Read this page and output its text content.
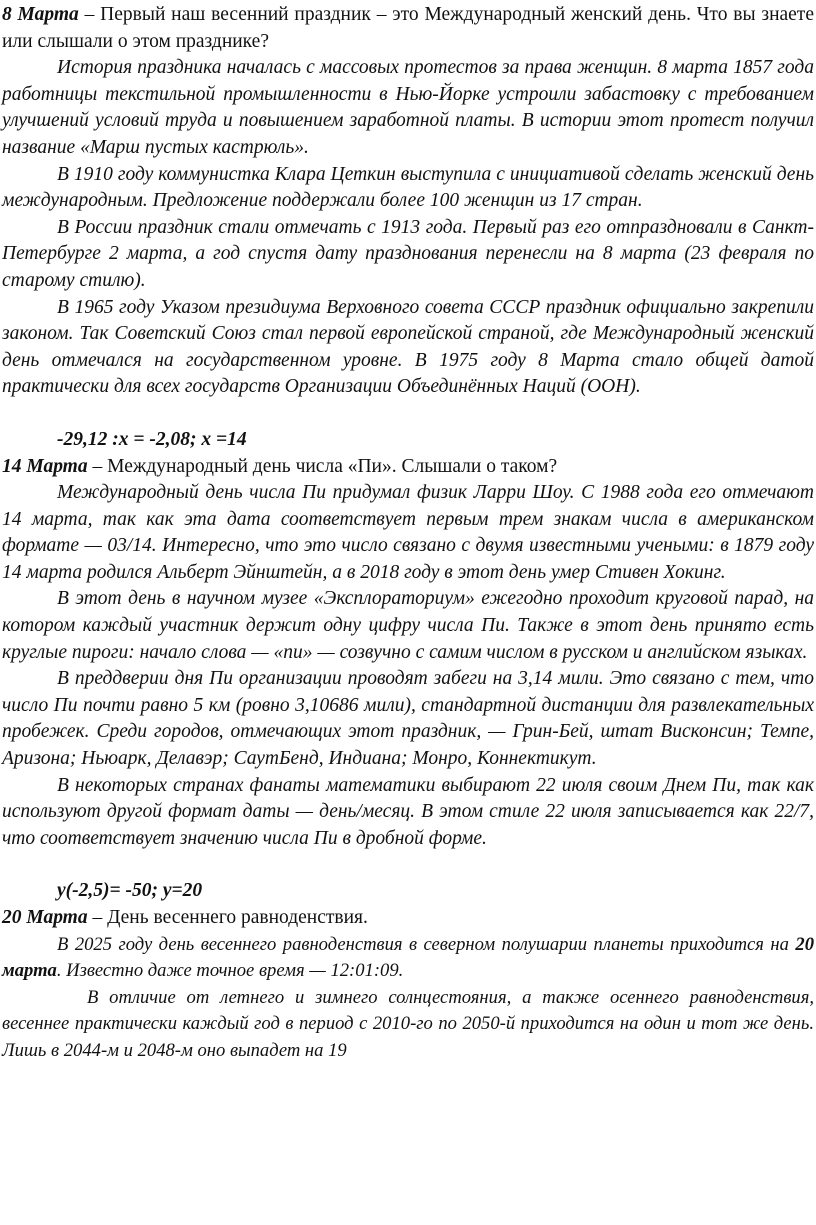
8 Марта – Первый наш весенний праздник – это Международный женский день. Что вы знаете или слышали о этом празднике?

История праздника началась с массовых протестов за права женщин. 8 марта 1857 года работницы текстильной промышленности в Нью-Йорке устроили забастовку с требованием улучшений условий труда и повышением заработной платы. В истории этот протест получил название «Марш пустых кастрюль».

В 1910 году коммунистка Клара Цеткин выступила с инициативой сделать женский день международным. Предложение поддержали более 100 женщин из 17 стран.

В России праздник стали отмечать с 1913 года. Первый раз его отпраздновали в Санкт-Петербурге 2 марта, а год спустя дату празднования перенесли на 8 марта (23 февраля по старому стилю).

В 1965 году Указом президиума Верховного совета СССР праздник официально закрепили законом. Так Советский Союз стал первой европейской страной, где Международный женский день отмечался на государственном уровне. В 1975 году 8 Марта стало общей датой практически для всех государств Организации Объединённых Наций (ООН).

-29,12 :x = -2,08; x =14

14 Марта – Международный день числа «Пи». Слышали о таком?

Международный день числа Пи придумал физик Ларри Шоу. С 1988 года его отмечают 14 марта, так как эта дата соответствует первым трем знакам числа в американском формате — 03/14. Интересно, что это число связано с двумя известными учеными: в 1879 году 14 марта родился Альберт Эйнштейн, а в 2018 году в этот день умер Стивен Хокинг.

В этот день в научном музее «Эксплораториум» ежегодно проходит круговой парад, на котором каждый участник держит одну цифру числа Пи. Также в этот день принято есть круглые пироги: начало слова — «пи» — созвучно с самим числом в русском и английском языках.

В преддверии дня Пи организации проводят забеги на 3,14 мили. Это связано с тем, что число Пи почти равно 5 км (ровно 3,10686 мили), стандартной дистанции для развлекательных пробежек. Среди городов, отмечающих этот праздник, — Грин-Бей, штат Висконсин; Темпе, Аризона; Ньюарк, Делавэр; СаутБенд, Индиана; Монро, Коннектикут.

В некоторых странах фанаты математики выбирают 22 июля своим Днем Пи, так как используют другой формат даты — день/месяц. В этом стиле 22 июля записывается как 22/7, что соответствует значению числа Пи в дробной форме.

y(-2,5)= -50; y=20

20 Марта – День весеннего равноденствия.

В 2025 году день весеннего равноденствия в северном полушарии планеты приходится на 20 марта. Известно даже точное время — 12:01:09.

В отличие от летнего и зимнего солнцестояния, а также осеннего равноденствия, весеннее практически каждый год в период с 2010-го по 2050-й приходится на один и тот же день. Лишь в 2044-м и 2048-м оно выпадет на 19
